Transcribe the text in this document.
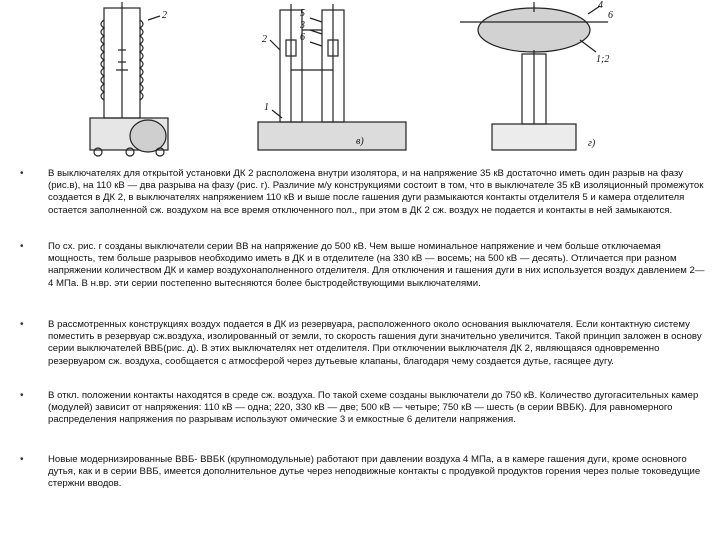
2	5
3
6
2
1
в)
4
6
1;2
г)
•	В выключателях для открытой установки ДК 2 расположена внутри изолятора, и на напряжение 35 кВ достаточно иметь один разрыв на фазу (рис.в), на 110 кВ — два разрыва на фазу (рис. г). Различие м/у конструкциями состоит в том, что в выключателе 35 кВ изоляционный промежуток создается в ДК 2, в выключателях напряжением 110 кВ и выше после гашения дуги размыкаются контакты отделителя 5 и камера отделителя остается заполненной сж. воздухом на все время отключенного пол., при этом в ДК 2 сж. воздух не подается и контакты в ней замыкаются.
•	По сх. рис. г созданы выключатели серии ВВ на напряжение до 500 кВ. Чем выше номинальное напряжение и чем больше отключаемая мощность, тем больше разрывов необходимо иметь в ДК и в отделителе (на 330 кВ — восемь; на 500 кВ — десять). Отличается при разном напряжении количеством ДК и камер воздухонаполненного отделителя. Для отключения и гашения дуги в них используется воздух давлением 2—4 МПа. В н.вр. эти серии постепенно вытесняются более быстродействующими выключателями.
•	В рассмотренных конструкциях воздух подается в ДК из резервуара, расположенного около основания выключателя. Если контактную систему поместить в резервуар сж.воздуха, изолированный от земли, то скорость гашения дуги значительно увеличится. Такой принцип заложен в основу серии выключателей ВВБ(рис. д). В этих выключателях нет отделителя. При отключении выключателя ДК 2, являющаяся одновременно резервуаром сж. воздуха, сообщается с атмосферой через дутьевые клапаны, благодаря чему создается дутье, гасящее дугу.
•	В откл. положении контакты находятся в среде сж. воздуха. По такой схеме созданы выключатели до 750 кВ. Количество дугогасительных камер (модулей) зависит от напряжения: 110 кВ — одна; 220, 330 кВ — две; 500 кВ — четыре; 750 кВ — шесть (в серии ВВБК). Для равномерного распределения напряжения по разрывам используют омические 3 и емкостные 6 делители напряжения.
•	Новые модернизированные ВВБ- ВВБК (крупномодульные) работают при давлении воздуха 4 МПа, а в камере гашения дуги, кроме основного дутья, как и в серии ВВБ, имеется дополнительное дутье через неподвижные контакты с продувкой продуктов горения через полые токоведущие стержни вводов.
